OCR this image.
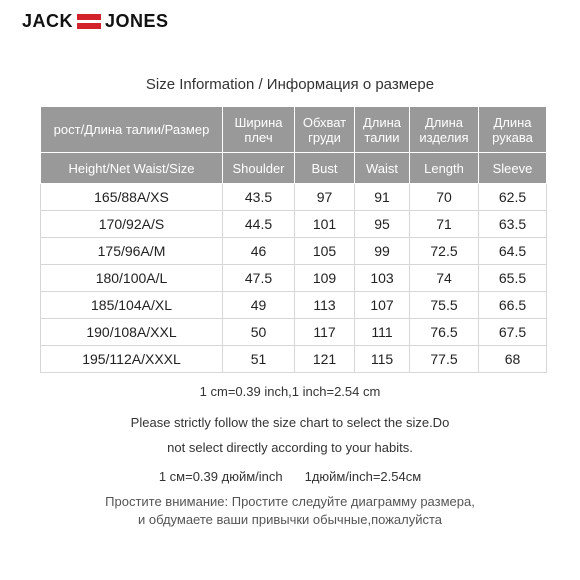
JACK JONES
Size Information / Информация о размере
рост/Длина талии/Размер	Ширина плеч	Обхват груди	Длина талии	Длина изделия	Длина рукава
Height/Net Waist/Size	Shoulder	Bust	Waist	Length	Sleeve
165/88A/XS	43.5	97	91	70	62.5
170/92A/S	44.5	101	95	71	63.5
175/96A/M	46	105	99	72.5	64.5
180/100A/L	47.5	109	103	74	65.5
185/104A/XL	49	113	107	75.5	66.5
190/108A/XXL	50	117	111	76.5	67.5
195/112A/XXXL	51	121	115	77.5	68
1 cm=0.39 inch,1 inch=2.54 cm
Please strictly follow the size chart to select the size.Do
not select directly according to your habits.
1 см=0.39 дюйм/inch 1дюйм/inch=2.54см
Простите внимание: Простите следуйте диаграмму размера,
и обдумаете ваши привычки обычные,пожалуйста
